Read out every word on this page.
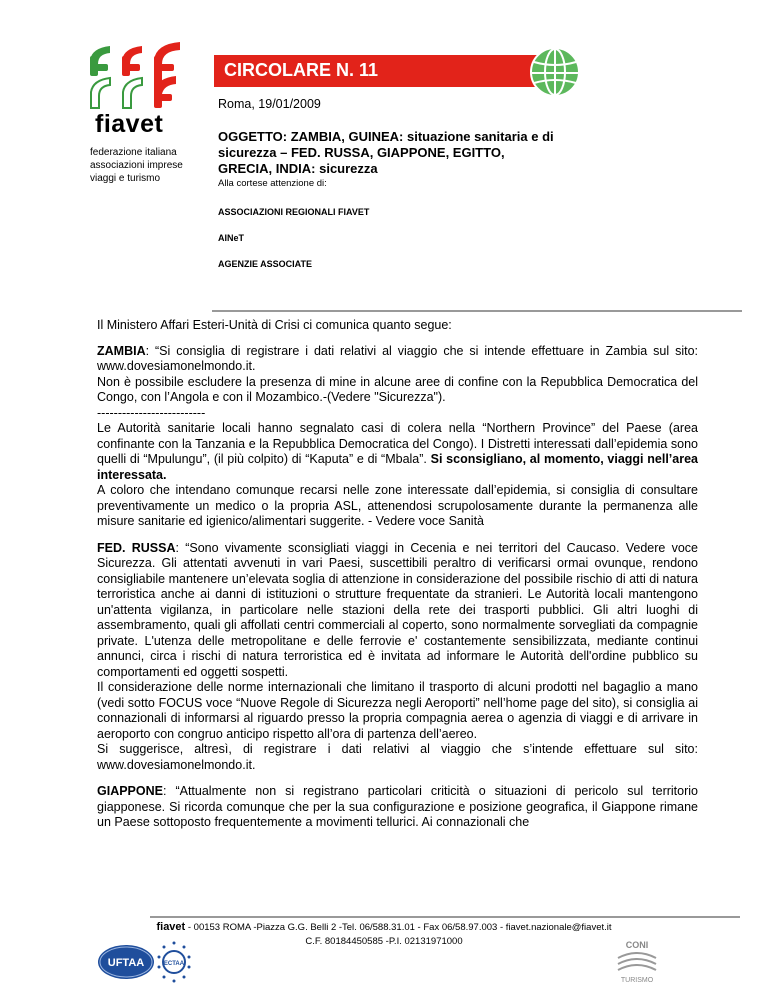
fiavet
federazione italiana
associazioni imprese
viaggi e turismo
CIRCOLARE N. 11
Roma, 19/01/2009
OGGETTO: ZAMBIA, GUINEA: situazione sanitaria e di sicurezza – FED. RUSSA, GIAPPONE, EGITTO, GRECIA, INDIA: sicurezza
Alla cortese attenzione di:
ASSOCIAZIONI REGIONALI FIAVET
AINeT
AGENZIE ASSOCIATE

Il Ministero Affari Esteri-Unità di Crisi ci comunica quanto segue:

ZAMBIA: “Si consiglia di registrare i dati relativi al viaggio che si intende effettuare in Zambia sul sito: www.dovesiamonelmondo.it.
Non è possibile escludere la presenza di mine in alcune aree di confine con la Repubblica Democratica del Congo, con l’Angola e con il Mozambico.-(Vedere "Sicurezza").
--------------------------
Le Autorità sanitarie locali hanno segnalato casi di colera nella “Northern Province” del Paese (area confinante con la Tanzania e la Repubblica Democratica del Congo). I Distretti interessati dall’epidemia sono quelli di “Mpulungu”, (il più colpito) di “Kaputa” e di “Mbala”. Si sconsigliano, al momento, viaggi nell’area interessata.
A coloro che intendano comunque recarsi nelle zone interessate dall’epidemia, si consiglia di consultare preventivamente un medico o la propria ASL, attenendosi scrupolosamente durante la permanenza alle misure sanitarie ed igienico/alimentari suggerite. - Vedere voce Sanità

FED. RUSSA: “Sono vivamente sconsigliati viaggi in Cecenia e nei territori del Caucaso. Vedere voce Sicurezza. Gli attentati avvenuti in vari Paesi, suscettibili peraltro di verificarsi ormai ovunque, rendono consigliabile mantenere un’elevata soglia di attenzione in considerazione del possibile rischio di atti di natura terroristica anche ai danni di istituzioni o strutture frequentate da stranieri. Le Autorità locali mantengono un'attenta vigilanza, in particolare nelle stazioni della rete dei trasporti pubblici. Gli altri luoghi di assembramento, quali gli affollati centri commerciali al coperto, sono normalmente sorvegliati da compagnie private. L'utenza delle metropolitane e delle ferrovie e' costantemente sensibilizzata, mediante continui annunci, circa i rischi di natura terroristica ed è invitata ad informare le Autorità dell'ordine pubblico su comportamenti ed oggetti sospetti.
Il considerazione delle norme internazionali che limitano il trasporto di alcuni prodotti nel bagaglio a mano (vedi sotto FOCUS voce “Nuove Regole di Sicurezza negli Aeroporti” nell’home page del sito), si consiglia ai connazionali di informarsi al riguardo presso la propria compagnia aerea o agenzia di viaggi e di arrivare in aeroporto con congruo anticipo rispetto all’ora di partenza dell’aereo.
Si suggerisce, altresì, di registrare i dati relativi al viaggio che s’intende effettuare sul sito: www.dovesiamonelmondo.it.

GIAPPONE: “Attualmente non si registrano particolari criticità o situazioni di pericolo sul territorio giapponese. Si ricorda comunque che per la sua configurazione e posizione geografica, il Giappone rimane un Paese sottoposto frequentemente a movimenti tellurici. Ai connazionali che

fiavet - 00153 ROMA -Piazza G.G. Belli 2 -Tel. 06/588.31.01 - Fax 06/58.97.003 - fiavet.nazionale@fiavet.it
C.F. 80184450585 -P.I. 02131971000
UFTAA	ECTAA
CONI
TURISMO
